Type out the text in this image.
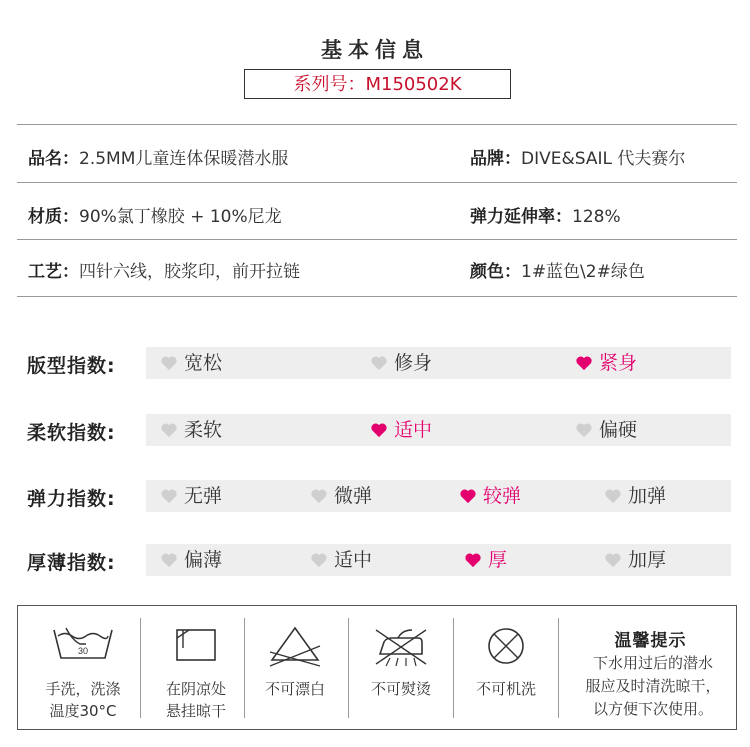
基本信息
系列号：M150502K
品名：2.5MM儿童连体保暖潜水服	品牌：DIVE&SAIL 代夫赛尔
材质：90%氯丁橡胶 + 10%尼龙	弹力延伸率：128%
工艺：四针六线，胶浆印，前开拉链	颜色：1#蓝色\2#绿色
版型指数:	宽松	修身	紧身
柔软指数:	柔软	适中	偏硬
弹力指数:	无弹	微弹	较弹	加弹
厚薄指数:	偏薄	适中	厚	加厚
30
手洗，洗涤
温度30°C
在阴凉处
悬挂晾干
不可漂白	不可熨烫	不可机洗
温馨提示
下水用过后的潜水
服应及时清洗晾干，
以方便下次使用。
